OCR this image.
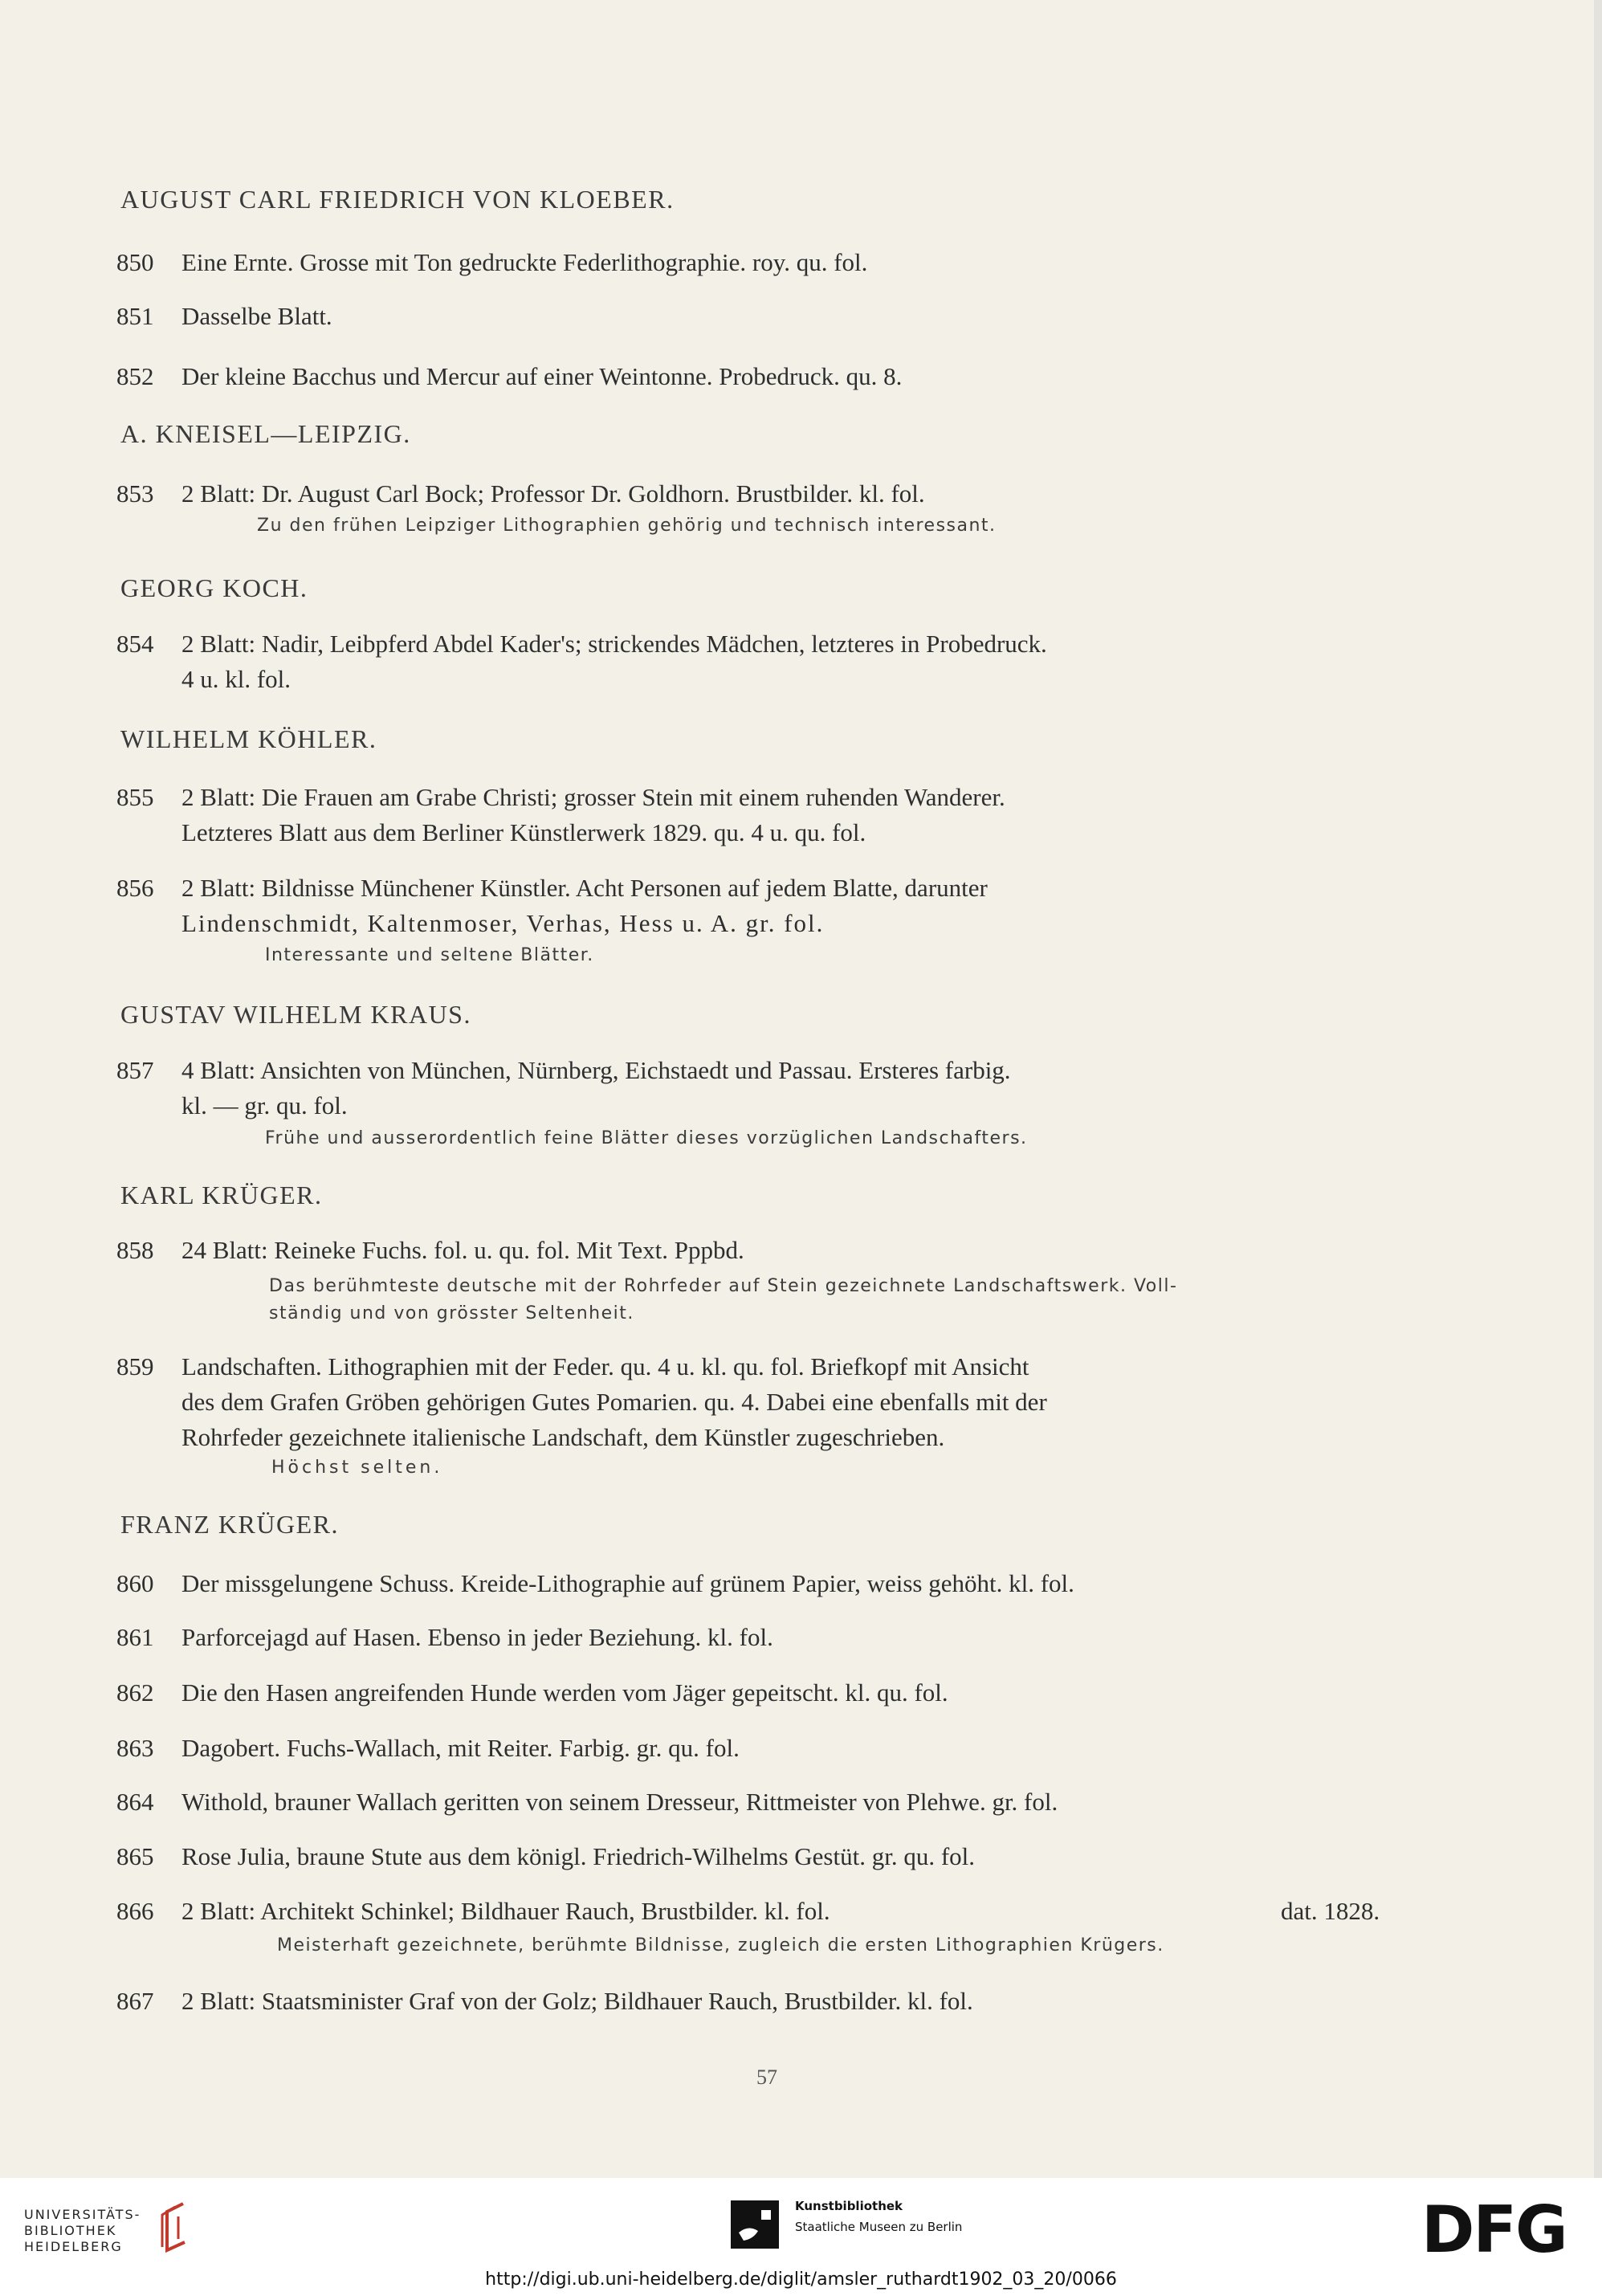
AUGUST CARL FRIEDRICH VON KLOEBER.
850 Eine Ernte. Grosse mit Ton gedruckte Federlithographie. roy. qu. fol.
851 Dasselbe Blatt.
852 Der kleine Bacchus und Mercur auf einer Weintonne. Probedruck. qu. 8.
A. KNEISEL—LEIPZIG.
853 2 Blatt: Dr. August Carl Bock; Professor Dr. Goldhorn. Brustbilder. kl. fol.
Zu den frühen Leipziger Lithographien gehörig und technisch interessant.
GEORG KOCH.
854 2 Blatt: Nadir, Leibpferd Abdel Kader's; strickendes Mädchen, letzteres in Probedruck.
4 u. kl. fol.
WILHELM KÖHLER.
855 2 Blatt: Die Frauen am Grabe Christi; grosser Stein mit einem ruhenden Wanderer.
Letzteres Blatt aus dem Berliner Künstlerwerk 1829. qu. 4 u. qu. fol.
856 2 Blatt: Bildnisse Münchener Künstler. Acht Personen auf jedem Blatte, darunter
Lindenschmidt, Kaltenmoser, Verhas, Hess u. A. gr. fol.
Interessante und seltene Blätter.
GUSTAV WILHELM KRAUS.
857 4 Blatt: Ansichten von München, Nürnberg, Eichstaedt und Passau. Ersteres farbig.
kl. — gr. qu. fol.
Frühe und ausserordentlich feine Blätter dieses vorzüglichen Landschafters.
KARL KRÜGER.
858 24 Blatt: Reineke Fuchs. fol. u. qu. fol. Mit Text. Pppbd.
Das berühmteste deutsche mit der Rohrfeder auf Stein gezeichnete Landschaftswerk. Voll-
ständig und von grösster Seltenheit.
859 Landschaften. Lithographien mit der Feder. qu. 4 u. kl. qu. fol. Briefkopf mit Ansicht
des dem Grafen Gröben gehörigen Gutes Pomarien. qu. 4. Dabei eine ebenfalls mit der
Rohrfeder gezeichnete italienische Landschaft, dem Künstler zugeschrieben.
Höchst selten.
FRANZ KRÜGER.
860 Der missgelungene Schuss. Kreide-Lithographie auf grünem Papier, weiss gehöht. kl. fol.
861 Parforcejagd auf Hasen. Ebenso in jeder Beziehung. kl. fol.
862 Die den Hasen angreifenden Hunde werden vom Jäger gepeitscht. kl. qu. fol.
863 Dagobert. Fuchs-Wallach, mit Reiter. Farbig. gr. qu. fol.
864 Withold, brauner Wallach geritten von seinem Dresseur, Rittmeister von Plehwe. gr. fol.
865 Rose Julia, braune Stute aus dem königl. Friedrich-Wilhelms Gestüt. gr. qu. fol.
866 2 Blatt: Architekt Schinkel; Bildhauer Rauch, Brustbilder. kl. fol.	dat. 1828.
Meisterhaft gezeichnete, berühmte Bildnisse, zugleich die ersten Lithographien Krügers.
867 2 Blatt: Staatsminister Graf von der Golz; Bildhauer Rauch, Brustbilder. kl. fol.
57
UNIVERSITÄTS-
BIBLIOTHEK
HEIDELBERG
Kunstbibliothek
Staatliche Museen zu Berlin	DFG
http://digi.ub.uni-heidelberg.de/diglit/amsler_ruthardt1902_03_20/0066
